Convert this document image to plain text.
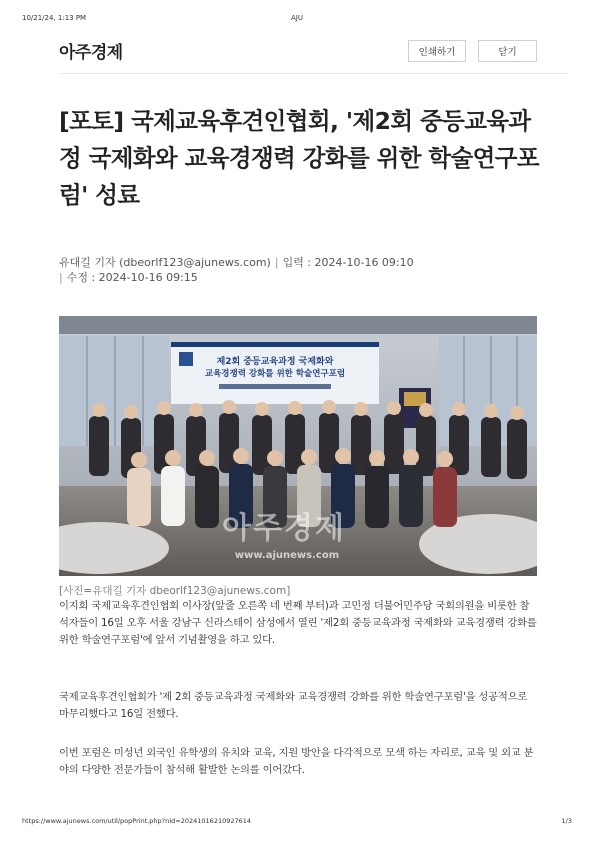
10/21/24, 1:13 PM	AJU
아주경제	인쇄하기	닫기
[포토] 국제교육후견인협회, '제2회 중등교육과정 국제화와 교육경쟁력 강화를 위한 학술연구포럼' 성료
유대길 기자 (dbeorlf123@ajunews.com) | 입력 : 2024-10-16 09:10
| 수정 : 2024-10-16 09:15
제2회 중등교육과정 국제화와
교육경쟁력 강화를 위한 학술연구포럼
아주경제
www.ajunews.com
[사진=유대길 기자 dbeorlf123@ajunews.com]

이지희 국제교육후견인협회 이사장(앞줄 오른쪽 네 번째 부터)과 고민정 더불어민주당 국회의원을 비롯한 참석자들이 16일 오후 서울 강남구 신라스테이 삼성에서 열린 '제2회 중등교육과정 국제화와 교육경쟁력 강화를 위한 학술연구포럼'에 앞서 기념촬영을 하고 있다.

국제교육후견인협회가 '제 2회 중등교육과정 국제화와 교육경쟁력 강화를 위한 학술연구포럼'을 성공적으로 마무리했다고 16일 전했다.

이번 포럼은 미성년 외국인 유학생의 유치와 교육, 지원 방안을 다각적으로 모색 하는 자리로, 교육 및 외교 분야의 다양한 전문가들이 참석해 활발한 논의를 이어갔다.

https://www.ajunews.com/util/popPrint.php?nId=20241016210927614	1/3
